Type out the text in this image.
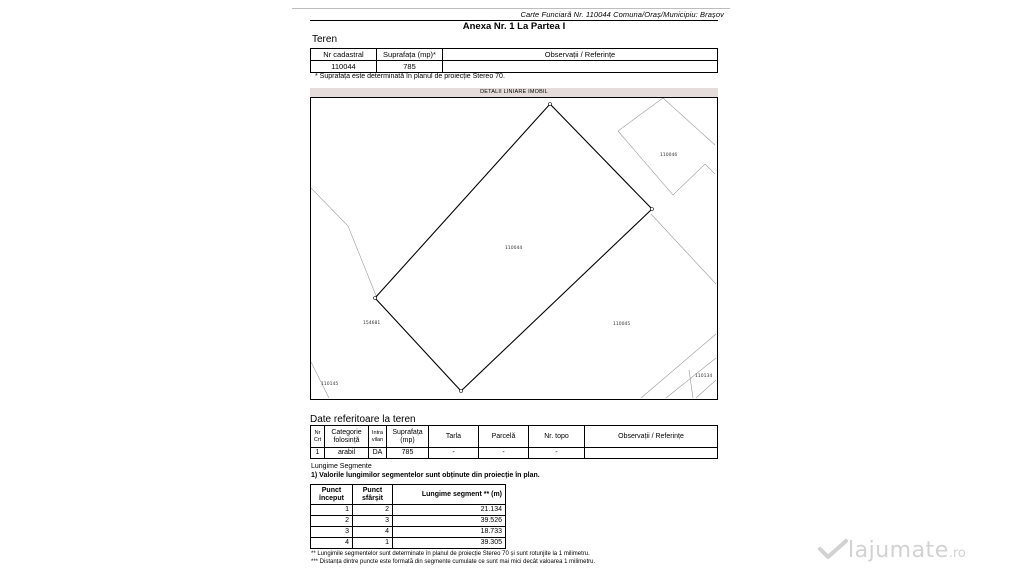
Carte Funciară Nr. 110044 Comuna/Oraș/Municipiu: Brașov
Anexa Nr. 1 La Partea I
Teren
Nr cadastral	Suprafața (mp)*	Observații / Referințe
110044	785	
* Suprafața este determinată în planul de proiecție Stereo 70.
DETALII LINIARE IMOBIL
110044
110046
154681	110045
110134
110145
Date referitoare la teren
Nr Crt	Categorie folosință	Intra vilan	Suprafața (mp)	Tarla	Parcelă	Nr. topo	Observații / Referințe
1	arabil	DA	785	-	-	-	
Lungime Segmente
1) Valorile lungimilor segmentelor sunt obținute din proiecție în plan.
Punct început	Punct sfârșit	Lungime segment ** (m)
1	2	21.134
2	3	39.526
3	4	18.733
4	1	39.305
** Lungimile segmentelor sunt determinate în planul de proiecție Stereo 70 și sunt rotunjite la 1 milimetru.
*** Distanța dintre puncte este formată din segmente cumulate ce sunt mai mici decât valoarea 1 milimetru.	lajumate .ro
